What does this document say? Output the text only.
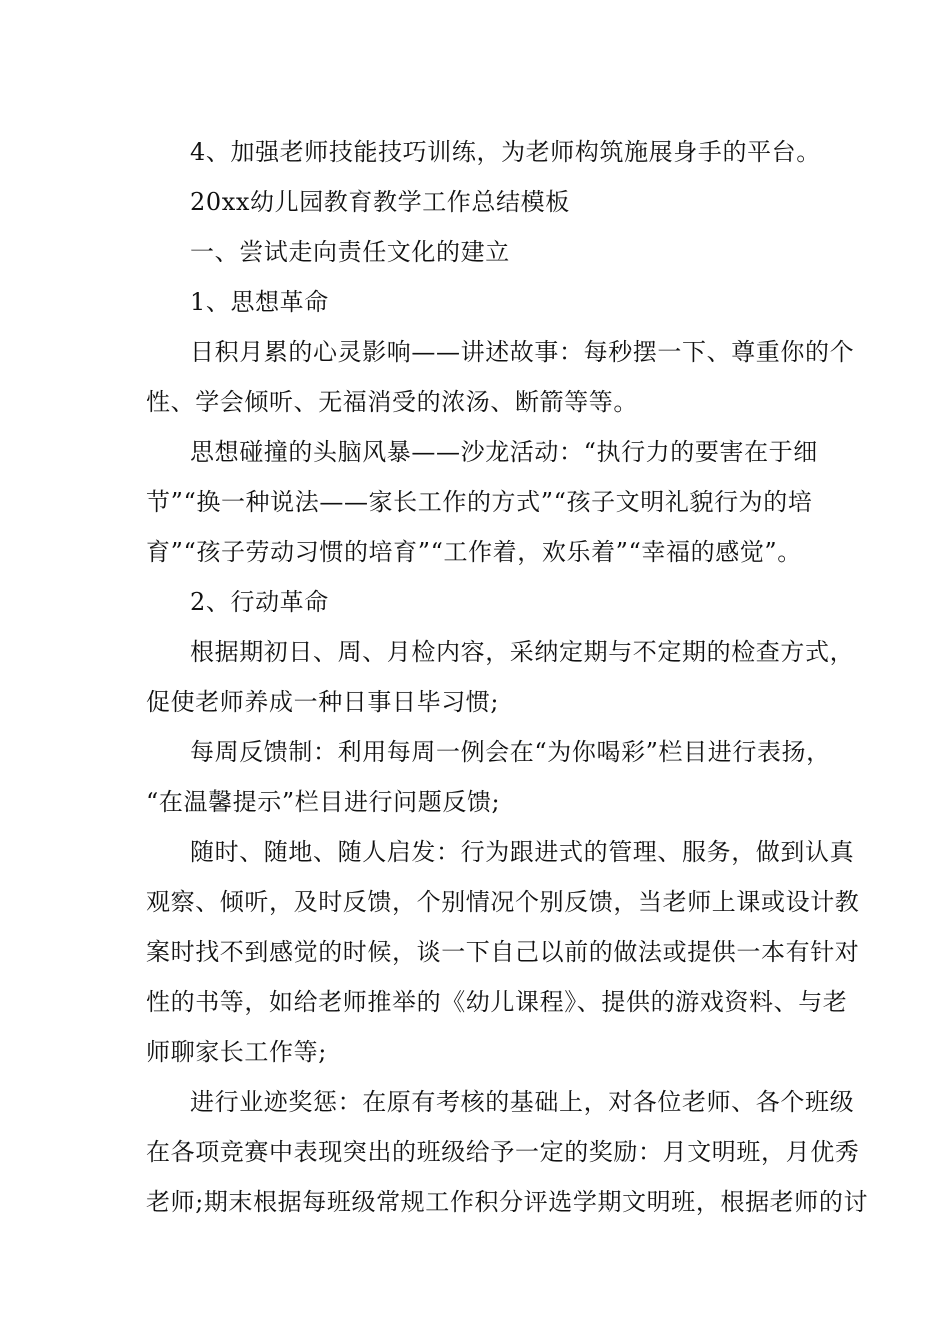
4、加强老师技能技巧训练，为老师构筑施展身手的平台。
20xx幼儿园教育教学工作总结模板
一、尝试走向责任文化的建立
1、思想革命
日积月累的心灵影响——讲述故事：每秒摆一下、尊重你的个
性、学会倾听、无福消受的浓汤、断箭等等。
思想碰撞的头脑风暴——沙龙活动：“执行力的要害在于细
节”“换一种说法——家长工作的方式”“孩子文明礼貌行为的培
育”“孩子劳动习惯的培育”“工作着，欢乐着”“幸福的感觉”。
2、行动革命
根据期初日、周、月检内容，采纳定期与不定期的检查方式，
促使老师养成一种日事日毕习惯;
每周反馈制：利用每周一例会在“为你喝彩”栏目进行表扬，
“在温馨提示”栏目进行问题反馈;
随时、随地、随人启发：行为跟进式的管理、服务，做到认真
观察、倾听，及时反馈，个别情况个别反馈，当老师上课或设计教
案时找不到感觉的时候，谈一下自己以前的做法或提供一本有针对
性的书等，如给老师推举的《幼儿课程》、提供的游戏资料、与老
师聊家长工作等;
进行业迹奖惩：在原有考核的基础上，对各位老师、各个班级
在各项竞赛中表现突出的班级给予一定的奖励：月文明班，月优秀
老师;期末根据每班级常规工作积分评选学期文明班，根据老师的讨
